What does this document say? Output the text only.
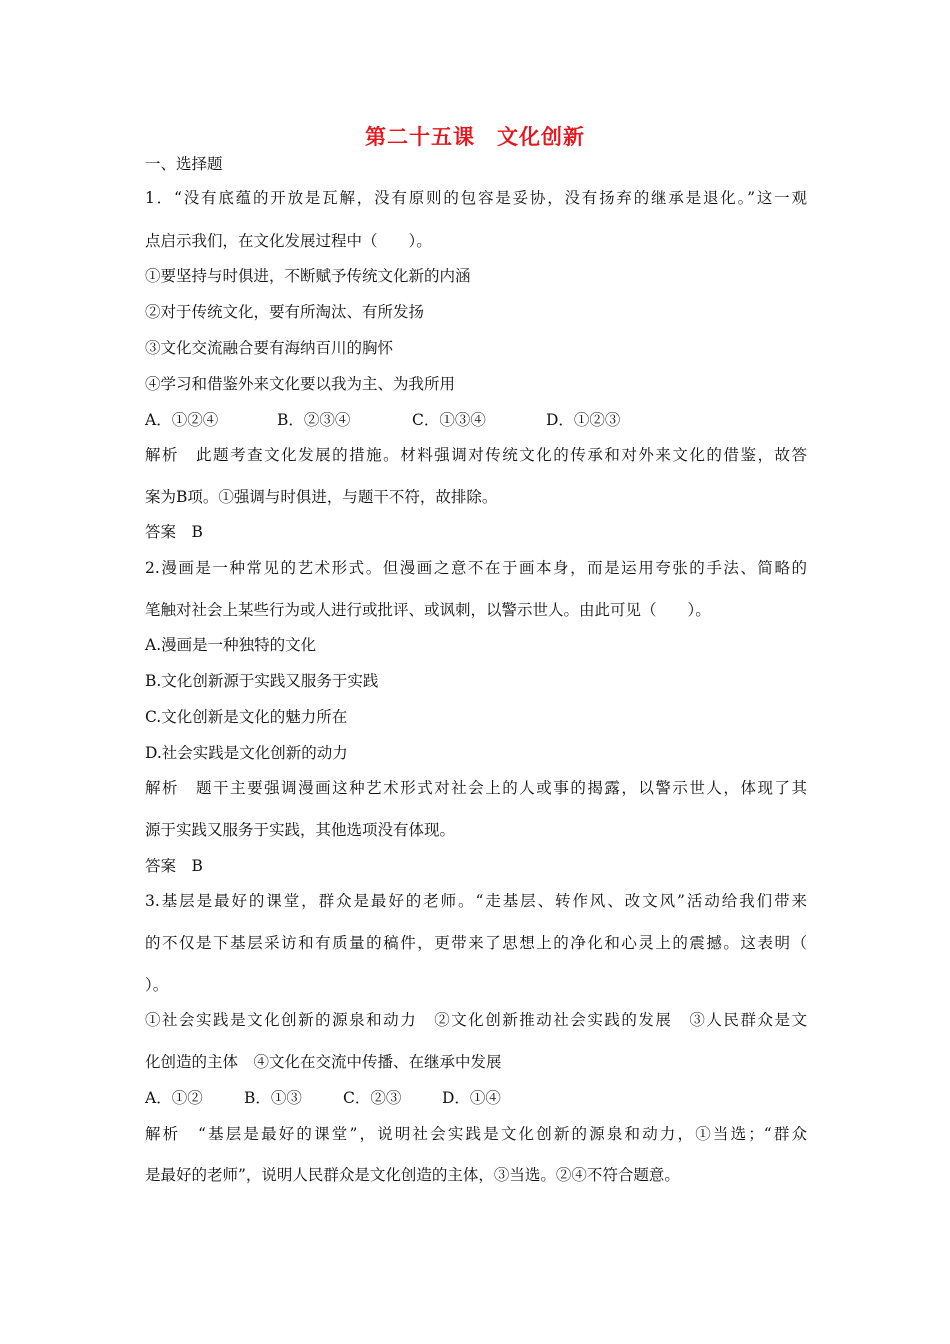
第二十五课　文化创新
一、选择题
1．“没有底蕴的开放是瓦解，没有原则的包容是妥协，没有扬弃的继承是退化。”这一观
点启示我们，在文化发展过程中（　　）。
①要坚持与时俱进，不断赋予传统文化新的内涵
②对于传统文化，要有所淘汰、有所发扬
③文化交流融合要有海纳百川的胸怀
④学习和借鉴外来文化要以我为主、为我所用
A．①②④	B．②③④	C．①③④	D．①②③
解析　此题考查文化发展的措施。材料强调对传统文化的传承和对外来文化的借鉴，故答
案为B项。①强调与时俱进，与题干不符，故排除。
答案　B
2.漫画是一种常见的艺术形式。但漫画之意不在于画本身，而是运用夸张的手法、简略的
笔触对社会上某些行为或人进行或批评、或讽刺，以警示世人。由此可见（　　）。
A.漫画是一种独特的文化
B.文化创新源于实践又服务于实践
C.文化创新是文化的魅力所在
D.社会实践是文化创新的动力
解析　题干主要强调漫画这种艺术形式对社会上的人或事的揭露，以警示世人，体现了其
源于实践又服务于实践，其他选项没有体现。
答案　B
3.基层是最好的课堂，群众是最好的老师。“走基层、转作风、改文风”活动给我们带来
的不仅是下基层采访和有质量的稿件，更带来了思想上的净化和心灵上的震撼。这表明（
）。
①社会实践是文化创新的源泉和动力　②文化创新推动社会实践的发展　③人民群众是文
化创造的主体　④文化在交流中传播、在继承中发展
A．①②	B．①③	C．②③	D．①④
解析　“基层是最好的课堂”，说明社会实践是文化创新的源泉和动力，①当选；“群众
是最好的老师”，说明人民群众是文化创造的主体，③当选。②④不符合题意。
